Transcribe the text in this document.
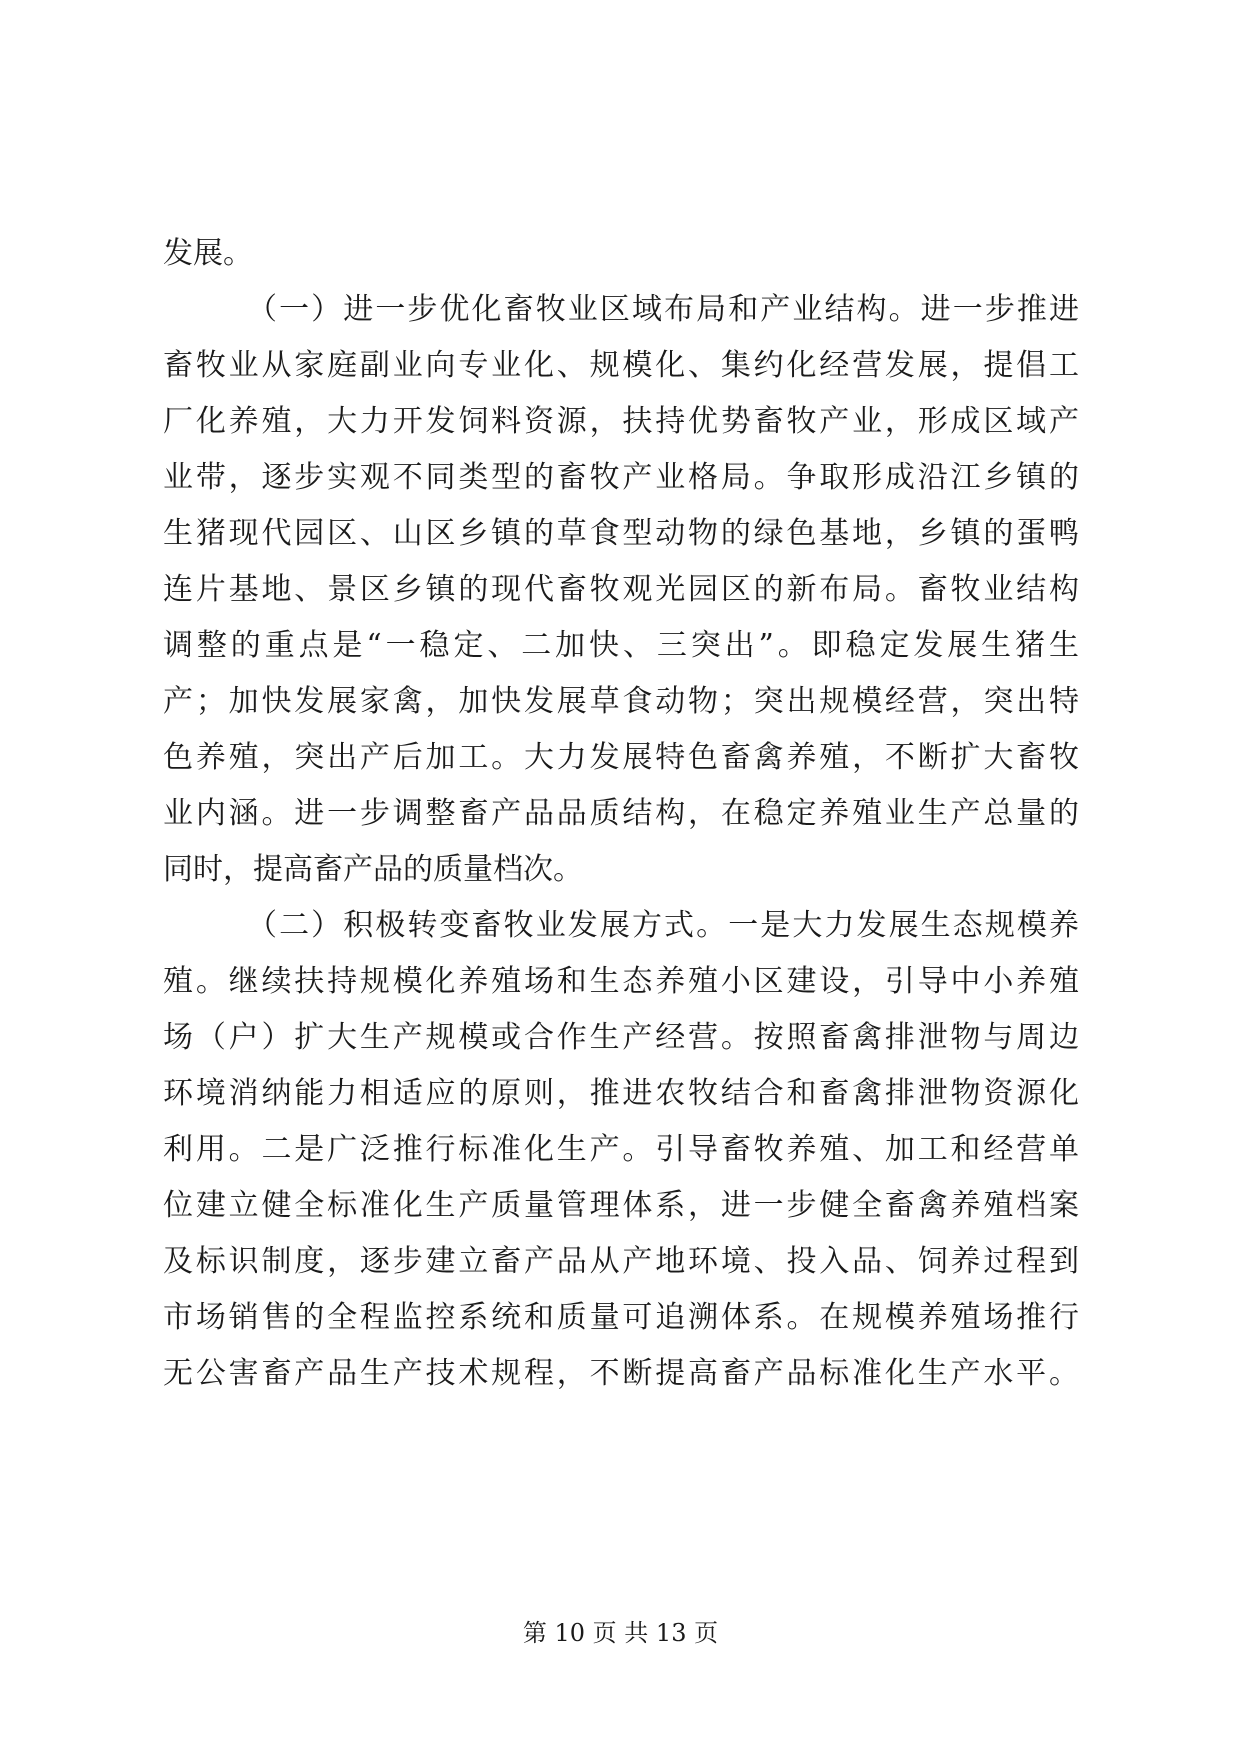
发展。
（一）进一步优化畜牧业区域布局和产业结构。进一步推进
畜牧业从家庭副业向专业化、规模化、集约化经营发展，提倡工
厂化养殖，大力开发饲料资源，扶持优势畜牧产业，形成区域产
业带，逐步实观不同类型的畜牧产业格局。争取形成沿江乡镇的
生猪现代园区、山区乡镇的草食型动物的绿色基地，乡镇的蛋鸭
连片基地、景区乡镇的现代畜牧观光园区的新布局。畜牧业结构
调整的重点是“一稳定、二加快、三突出”。即稳定发展生猪生
产；加快发展家禽，加快发展草食动物；突出规模经营，突出特
色养殖，突出产后加工。大力发展特色畜禽养殖，不断扩大畜牧
业内涵。进一步调整畜产品品质结构，在稳定养殖业生产总量的
同时，提高畜产品的质量档次。
（二）积极转变畜牧业发展方式。一是大力发展生态规模养
殖。继续扶持规模化养殖场和生态养殖小区建设，引导中小养殖
场（户）扩大生产规模或合作生产经营。按照畜禽排泄物与周边
环境消纳能力相适应的原则，推进农牧结合和畜禽排泄物资源化
利用。二是广泛推行标准化生产。引导畜牧养殖、加工和经营单
位建立健全标准化生产质量管理体系，进一步健全畜禽养殖档案
及标识制度，逐步建立畜产品从产地环境、投入品、饲养过程到
市场销售的全程监控系统和质量可追溯体系。在规模养殖场推行
无公害畜产品生产技术规程，不断提高畜产品标准化生产水平。
第 10 页 共 13 页
